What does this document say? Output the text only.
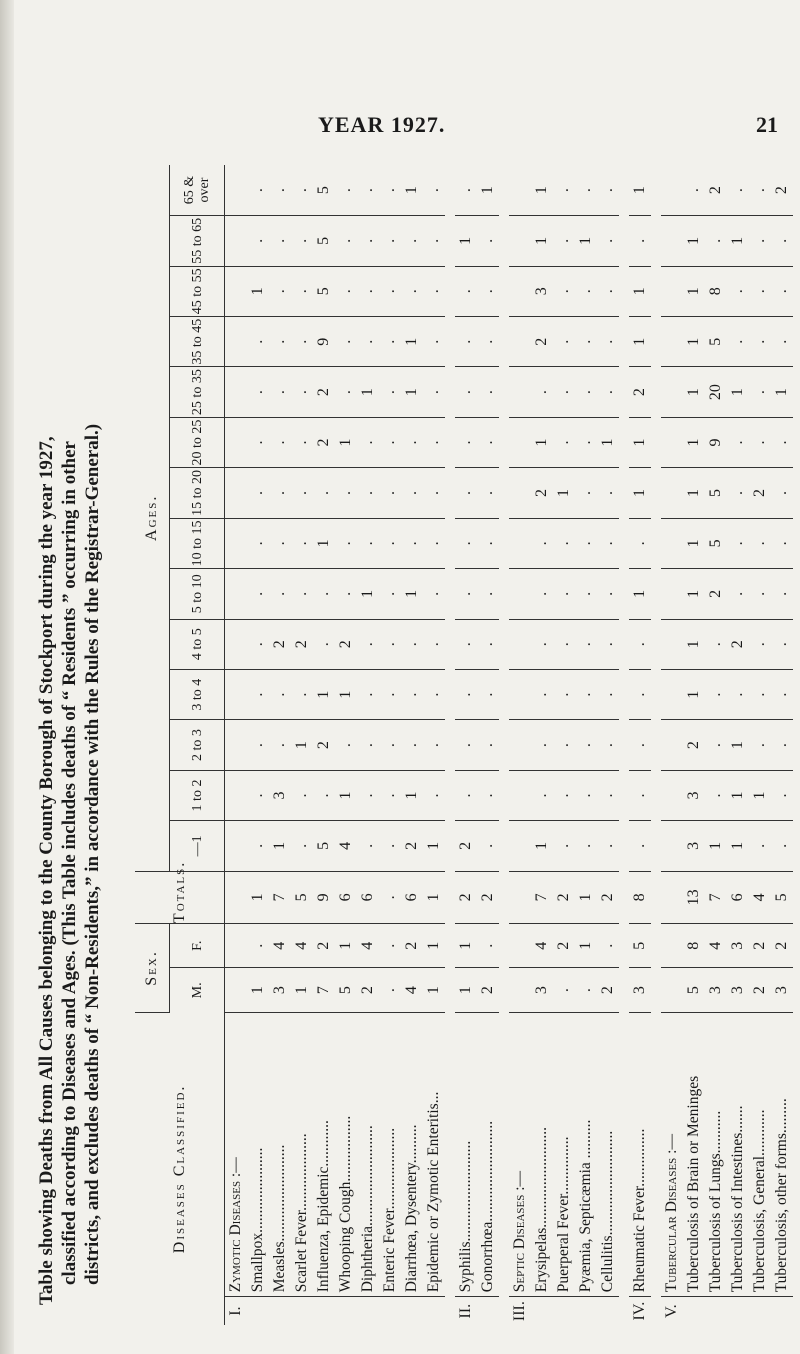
YEAR 1927.	21
Table showing Deaths from All Causes belonging to the County Borough of Stockport during the year 1927, classified according to Diseases and Ages. (This Table includes deaths of “ Residents ” occurring in other districts, and excludes deaths of “ Non-Residents,” in accordance with the Rules of the Registrar-General.)	Diseases Classified.		Sex.		Totals.	Ages.													
		M.	F.		—1	1 to 2	2 to 3	3 to 4	4 to 5	5 to 10	10 to 15	15 to 20	20 to 25	25 to 35	35 to 45	45 to 55	55 to 65	65 & over
I.	Zymotic Diseases :—																	
	Smallpox......................	1	.	1	.	.	.	.	.	.	.	.	.	.	.	1	.	.
	Measles.........................	3	4	7	1	3	.	.	2	.	.	.	.	.	.	.	.	.
	Scarlet Fever....................	1	4	5	.	.	1	.	2	.	.	.	.	.	.	.	.	.
	Influenza, Epidemic............	7	2	9	5	.	2	1	.	.	1	.	2	2	9	5	5	5
	Whooping Cough.................	5	1	6	4	1	.	1	2	.	.	.	1	.	.	.	.	.
	Diphtheria..........................	2	4	6	.	.	.	.	.	1	.	.	.	1	.	.	.	.
	Enteric Fever.....................	.	.	.	.	.	.	.	.	.	.	.	.	.	.	.	.	.
	Diarrhœa, Dysentery..........	4	2	6	2	1	.	.	.	1	.	.	.	1	1	.	.	1
	Epidemic or Zymotic Enteritis...	1	1	1	1	.	.	.	.	.	.	.	.	.	.	.	.	.

II.	Syphilis..........................	1	1	2	2	.	.	.	.	.	.	.	.	.	.	.	1	.
	Gonorrhœa..........................	2	.	2	.	.	.	.	.	.	.	.	.	.	.	.	.	1

III.	Septic Diseases :—																	
	Erysipelas..........................	3	4	7	1	.	.	.	.	.	.	2	1	.	2	3	1	1
	Puerperal Fever...............	.	2	2	.	.	.	.	.	.	.	1	.	.	.	.	.	.
	Pyæmia, Septicæmia ..........	.	1	1	.	.	.	.	.	.	.	.	.	.	.	.	1	.
	Cellulitis...........................	2	.	2	.	.	.	.	.	.	.	.	1	.	.	.	.	.

IV.	Rheumatic Fever...............	3	5	8	.	.	.	.	.	1	.	1	1	2	1	1	.	1

V.	Tubercular Diseases :—																	
	Tuberculosis of Brain or Meninges	5	8	13	3	3	2	1	1	1	1	1	1	1	1	1	1	.
	Tuberculosis of Lungs...........	3	4	7	1	.	.	.	.	2	5	5	9	20	5	8	.	2
	Tuberculosis of Intestines.......	3	3	6	1	1	1	.	2	.	.	.	.	1	.	.	1	.
	Tuberculosis, General............	2	2	4	.	1	.	.	.	.	.	2	.	.	.	.	.	.
	Tuberculosis, other forms.........	3	2	5	.	.	.	.	.	.	.	.	.	1	.	.	.	2
